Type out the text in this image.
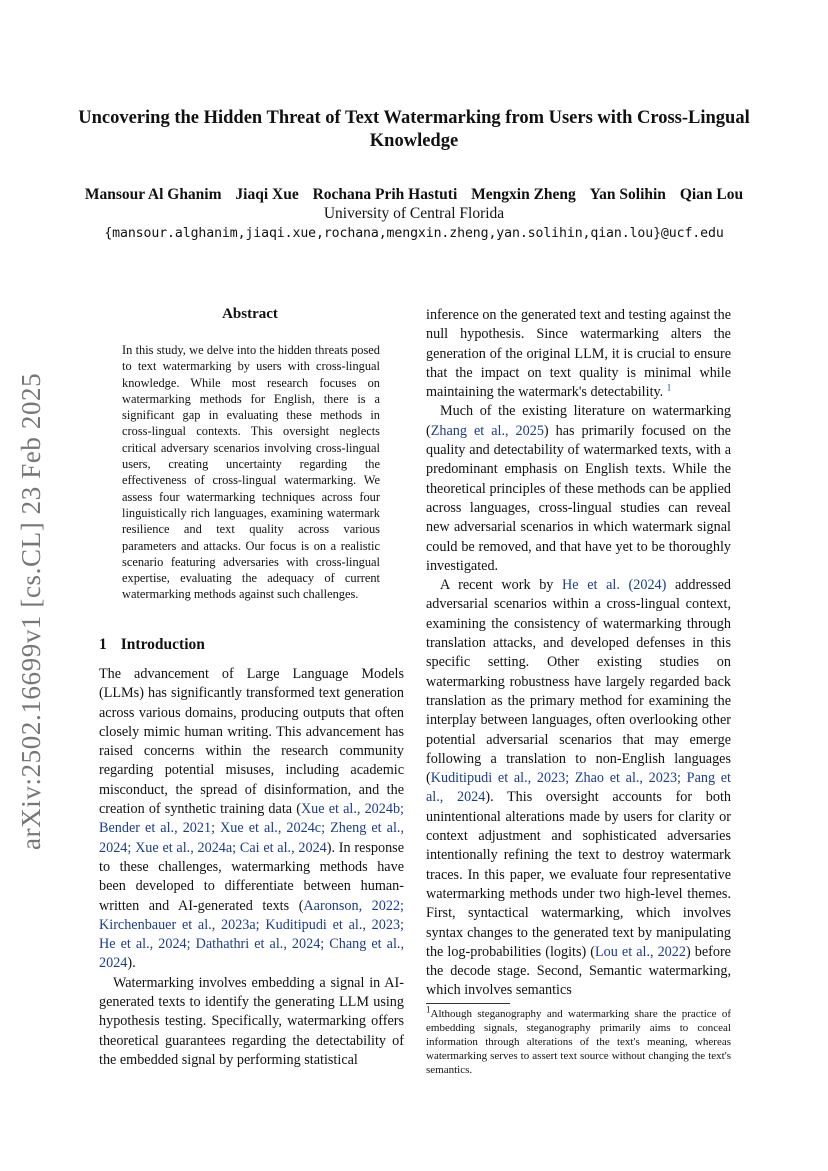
Uncovering the Hidden Threat of Text Watermarking from Users with Cross-Lingual Knowledge
Mansour Al Ghanim Jiaqi Xue Rochana Prih Hastuti Mengxin Zheng Yan Solihin Qian Lou
University of Central Florida
{mansour.alghanim,jiaqi.xue,rochana,mengxin.zheng,yan.solihin,qian.lou}@ucf.edu
arXiv:2502.16699v1 [cs.CL] 23 Feb 2025
Abstract
In this study, we delve into the hidden threats posed to text watermarking by users with cross-lingual knowledge. While most research focuses on watermarking methods for English, there is a significant gap in evaluating these methods in cross-lingual contexts. This oversight neglects critical adversary scenarios involving cross-lingual users, creating uncertainty regarding the effectiveness of cross-lingual watermarking. We assess four watermarking techniques across four linguistically rich languages, examining watermark resilience and text quality across various parameters and attacks. Our focus is on a realistic scenario featuring adversaries with cross-lingual expertise, evaluating the adequacy of current watermarking methods against such challenges.
1 Introduction

The advancement of Large Language Models (LLMs) has significantly transformed text generation across various domains, producing outputs that often closely mimic human writing. This advancement has raised concerns within the research community regarding potential misuses, including academic misconduct, the spread of disinformation, and the creation of synthetic training data (Xue et al., 2024b; Bender et al., 2021; Xue et al., 2024c; Zheng et al., 2024; Xue et al., 2024a; Cai et al., 2024). In response to these challenges, watermarking methods have been developed to differentiate between human-written and AI-generated texts (Aaronson, 2022; Kirchenbauer et al., 2023a; Kuditipudi et al., 2023; He et al., 2024; Dathathri et al., 2024; Chang et al., 2024).

Watermarking involves embedding a signal in AI-generated texts to identify the generating LLM using hypothesis testing. Specifically, watermarking offers theoretical guarantees regarding the detectability of the embedded signal by performing statistical

inference on the generated text and testing against the null hypothesis. Since watermarking alters the generation of the original LLM, it is crucial to ensure that the impact on text quality is minimal while maintaining the watermark's detectability. $^1$

Much of the existing literature on watermarking (Zhang et al., 2025) has primarily focused on the quality and detectability of watermarked texts, with a predominant emphasis on English texts. While the theoretical principles of these methods can be applied across languages, cross-lingual studies can reveal new adversarial scenarios in which watermark signal could be removed, and that have yet to be thoroughly investigated.

A recent work by He et al. (2024) addressed adversarial scenarios within a cross-lingual context, examining the consistency of watermarking through translation attacks, and developed defenses in this specific setting. Other existing studies on watermarking robustness have largely regarded back translation as the primary method for examining the interplay between languages, often overlooking other potential adversarial scenarios that may emerge following a translation to non-English languages (Kuditipudi et al., 2023; Zhao et al., 2023; Pang et al., 2024). This oversight accounts for both unintentional alterations made by users for clarity or context adjustment and sophisticated adversaries intentionally refining the text to destroy watermark traces. In this paper, we evaluate four representative watermarking methods under two high-level themes. First, syntactical watermarking, which involves syntax changes to the generated text by manipulating the log-probabilities (logits) (Lou et al., 2022) before the decode stage. Second, Semantic watermarking, which involves semantics

$^1$Although steganography and watermarking share the practice of embedding signals, steganography primarily aims to conceal information through alterations of the text's meaning, whereas watermarking serves to assert text source without changing the text's semantics.
